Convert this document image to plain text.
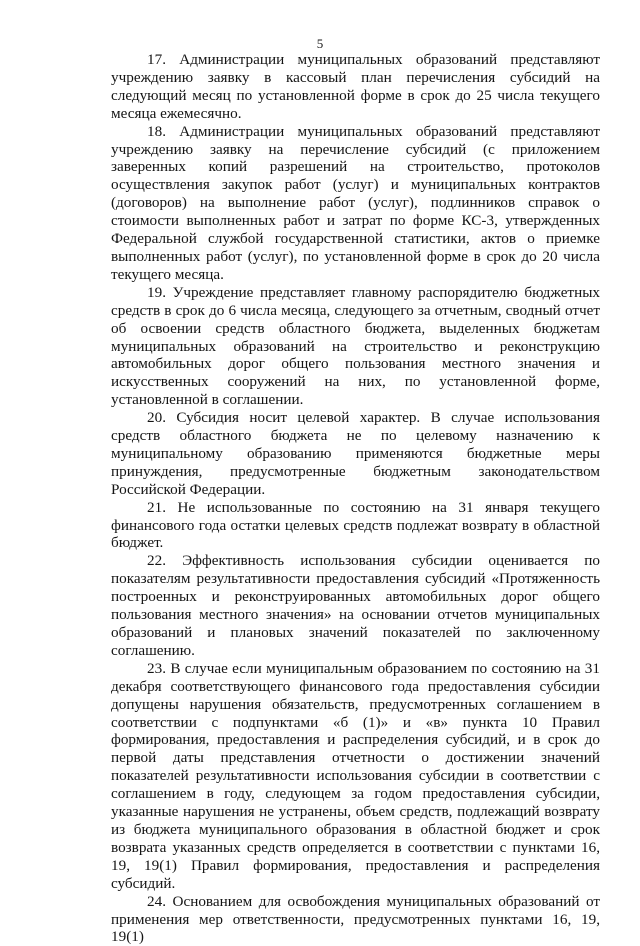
5

17. Администрации муниципальных образований представляют учреждению заявку в кассовый план перечисления субсидий на следующий месяц по установленной форме в срок до 25 числа текущего месяца ежемесячно.

18. Администрации муниципальных образований представляют учреждению заявку на перечисление субсидий (с приложением заверенных копий разрешений на строительство, протоколов осуществления закупок работ (услуг) и муниципальных контрактов (договоров) на выполнение работ (услуг), подлинников справок о стоимости выполненных работ и затрат по форме КС-3, утвержденных Федеральной службой государственной статистики, актов о приемке выполненных работ (услуг), по установленной форме в срок до 20 числа текущего месяца.

19. Учреждение представляет главному распорядителю бюджетных средств в срок до 6 числа месяца, следующего за отчетным, сводный отчет об освоении средств областного бюджета, выделенных бюджетам муниципальных образований на строительство и реконструкцию автомобильных дорог общего пользования местного значения и искусственных сооружений на них, по установленной форме, установленной в соглашении.

20. Субсидия носит целевой характер. В случае использования средств областного бюджета не по целевому назначению к муниципальному образованию применяются бюджетные меры принуждения, предусмотренные бюджетным законодательством Российской Федерации.

21. Не использованные по состоянию на 31 января текущего финансового года остатки целевых средств подлежат возврату в областной бюджет.

22. Эффективность использования субсидии оценивается по показателям результативности предоставления субсидий «Протяженность построенных и реконструированных автомобильных дорог общего пользования местного значения» на основании отчетов муниципальных образований и плановых значений показателей по заключенному соглашению.

23. В случае если муниципальным образованием по состоянию на 31 декабря соответствующего финансового года предоставления субсидии допущены нарушения обязательств, предусмотренных соглашением в соответствии с подпунктами «б (1)» и «в» пункта 10 Правил формирования, предоставления и распределения субсидий, и в срок до первой даты представления отчетности о достижении значений показателей результативности использования субсидии в соответствии с соглашением в году, следующем за годом предоставления субсидии, указанные нарушения не устранены, объем средств, подлежащий возврату из бюджета муниципального образования в областной бюджет и срок возврата указанных средств определяется в соответствии с пунктами 16, 19, 19(1) Правил формирования, предоставления и распределения субсидий.

24. Основанием для освобождения муниципальных образований от применения мер ответственности, предусмотренных пунктами 16, 19, 19(1)
